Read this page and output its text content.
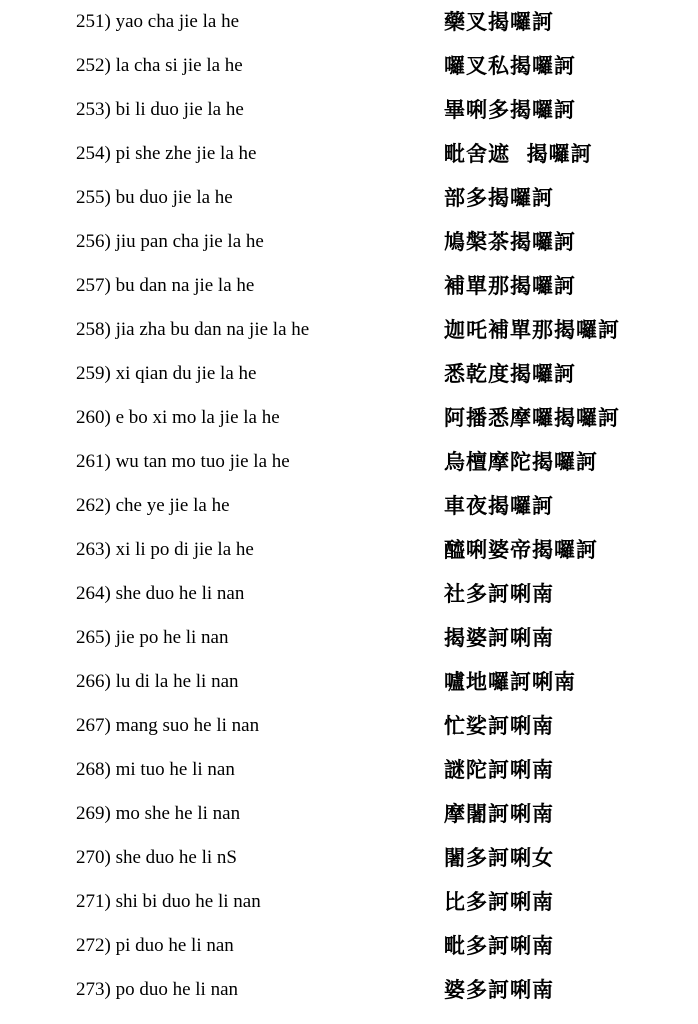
251) yao cha jie la he	藥叉揭囉訶
252) la cha si jie la he	囉叉私揭囉訶
253) bi li duo jie la he	畢唎多揭囉訶
254) pi she zhe jie la he	毗舍遮  揭囉訶
255) bu duo jie la he	部多揭囉訶
256) jiu pan cha jie la he	鳩槃茶揭囉訶
257) bu dan na jie la he	補單那揭囉訶
258) jia zha bu dan na jie la he	迦吒補單那揭囉訶
259) xi qian du jie la he	悉乾度揭囉訶
260) e bo xi mo la jie la he	阿播悉摩囉揭囉訶
261) wu tan mo tuo jie la he	烏檀摩陀揭囉訶
262) che ye jie la he	車夜揭囉訶
263) xi li po di jie la he	醯唎婆帝揭囉訶
264) she duo he li nan	社多訶唎南
265) jie po he li nan	揭婆訶唎南
266) lu di la he li nan	嚧地囉訶唎南
267) mang suo he li nan	忙娑訶唎南
268) mi tuo he li nan	謎陀訶唎南
269) mo she he li nan	摩闍訶唎南
270) she duo he li nS	闍多訶唎女
271) shi bi duo he li nan	比多訶唎南
272) pi duo he li nan	毗多訶唎南
273) po duo he li nan	婆多訶唎南
